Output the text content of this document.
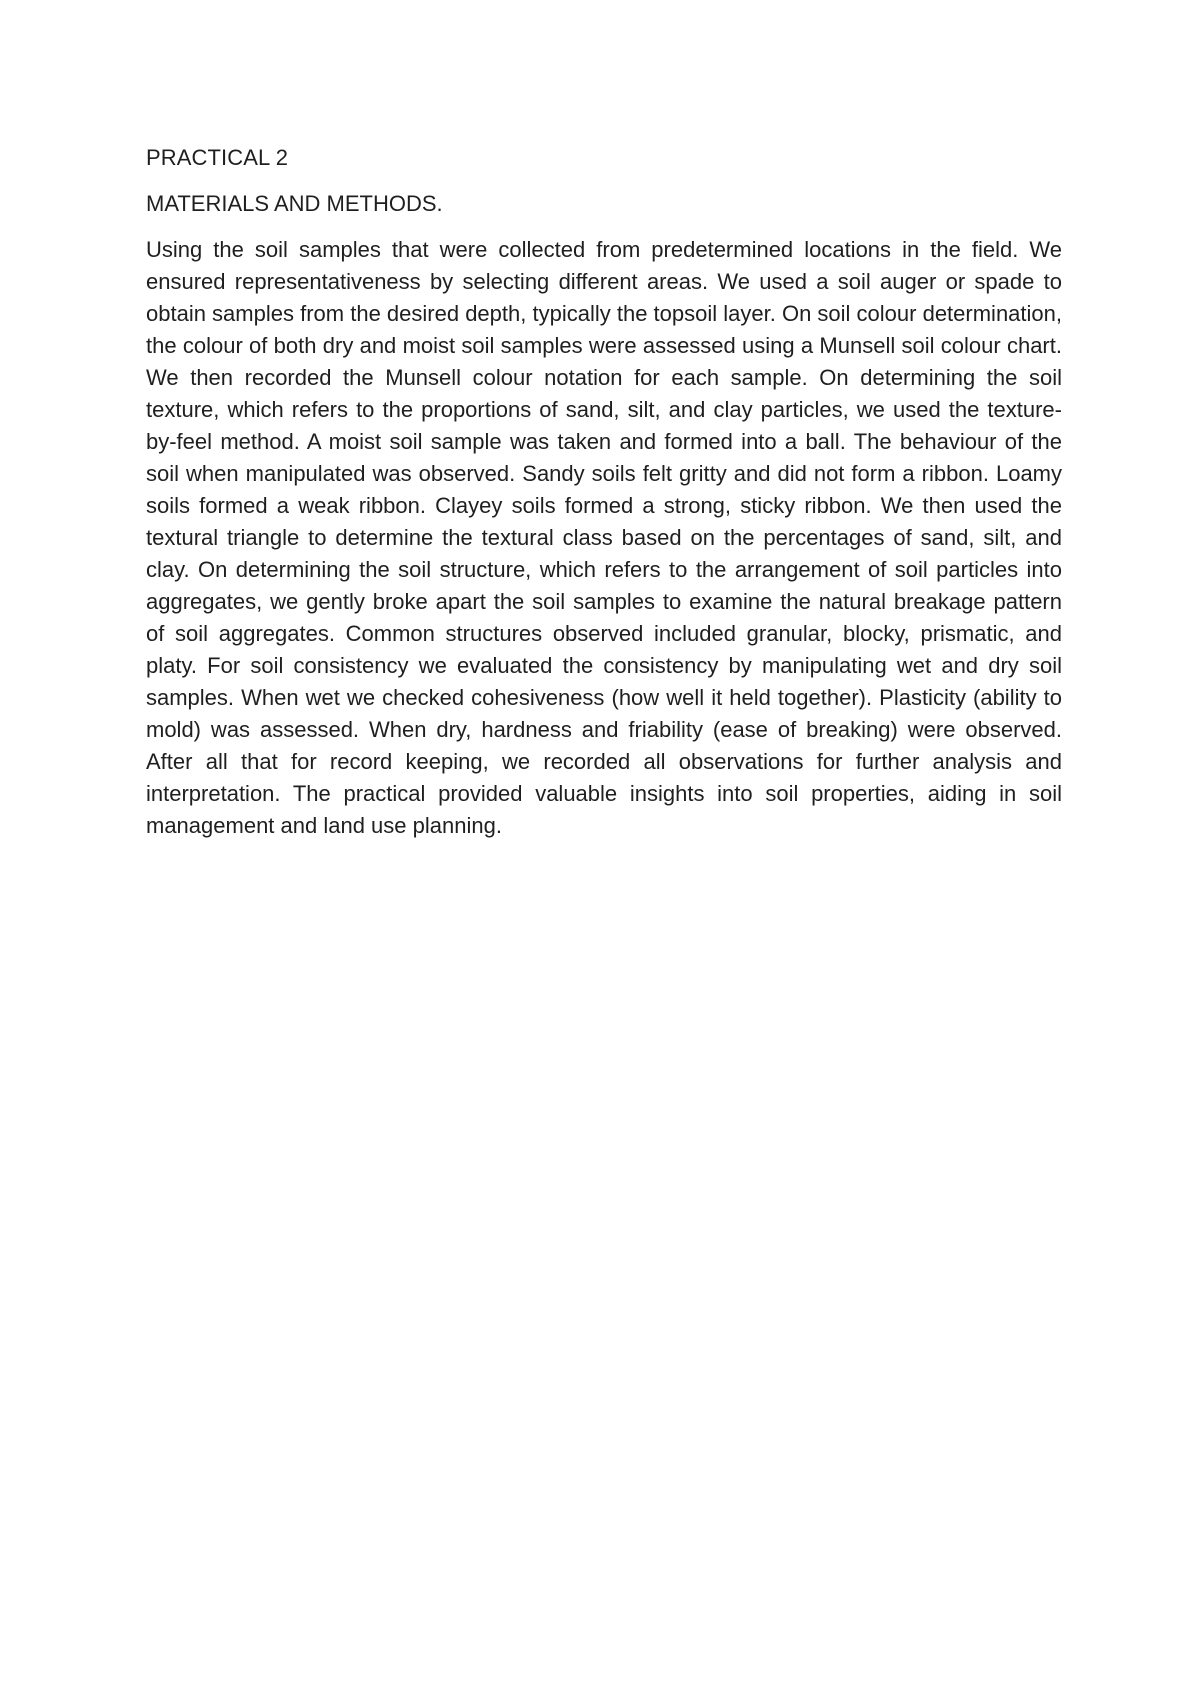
PRACTICAL 2

MATERIALS AND METHODS.

Using the soil samples that were collected from predetermined locations in the field. We ensured representativeness by selecting different areas. We used a soil auger or spade to obtain samples from the desired depth, typically the topsoil layer. On soil colour determination, the colour of both dry and moist soil samples were assessed using a Munsell soil colour chart. We then recorded the Munsell colour notation for each sample. On determining the soil texture, which refers to the proportions of sand, silt, and clay particles, we used the texture-by-feel method. A moist soil sample was taken and formed into a ball. The behaviour of the soil when manipulated was observed. Sandy soils felt gritty and did not form a ribbon. Loamy soils formed a weak ribbon. Clayey soils formed a strong, sticky ribbon. We then used the textural triangle to determine the textural class based on the percentages of sand, silt, and clay. On determining the soil structure, which refers to the arrangement of soil particles into aggregates, we gently broke apart the soil samples to examine the natural breakage pattern of soil aggregates. Common structures observed included granular, blocky, prismatic, and platy. For soil consistency we evaluated the consistency by manipulating wet and dry soil samples. When wet we checked cohesiveness (how well it held together). Plasticity (ability to mold) was assessed. When dry, hardness and friability (ease of breaking) were observed. After all that for record keeping, we recorded all observations for further analysis and interpretation. The practical provided valuable insights into soil properties, aiding in soil management and land use planning.
